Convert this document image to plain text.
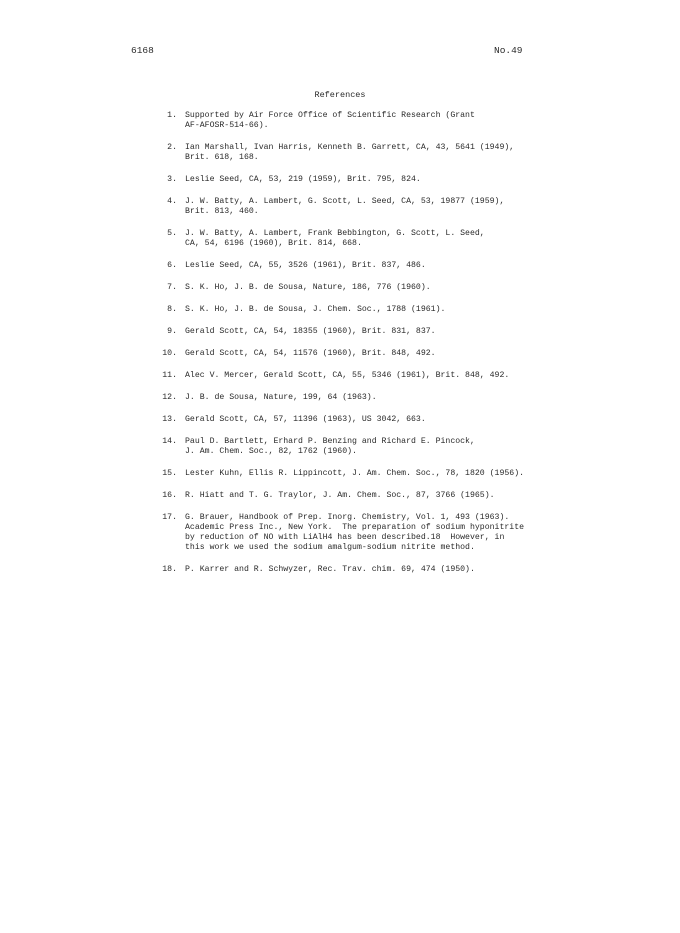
6168	No.49
References
1. Supported by Air Force Office of Scientific Research (Grant
AF-AFOSR-514-66).
2. Ian Marshall, Ivan Harris, Kenneth B. Garrett, CA, 43, 5641 (1949),
Brit. 618, 168.
3. Leslie Seed, CA, 53, 219 (1959), Brit. 795, 824.
4. J. W. Batty, A. Lambert, G. Scott, L. Seed, CA, 53, 19877 (1959),
Brit. 813, 460.
5. J. W. Batty, A. Lambert, Frank Bebbington, G. Scott, L. Seed,
CA, 54, 6196 (1960), Brit. 814, 668.
6. Leslie Seed, CA, 55, 3526 (1961), Brit. 837, 486.
7. S. K. Ho, J. B. de Sousa, Nature, 186, 776 (1960).
8. S. K. Ho, J. B. de Sousa, J. Chem. Soc., 1788 (1961).
9. Gerald Scott, CA, 54, 18355 (1960), Brit. 831, 837.
10. Gerald Scott, CA, 54, 11576 (1960), Brit. 848, 492.
11. Alec V. Mercer, Gerald Scott, CA, 55, 5346 (1961), Brit. 848, 492.
12. J. B. de Sousa, Nature, 199, 64 (1963).
13. Gerald Scott, CA, 57, 11396 (1963), US 3042, 663.
14. Paul D. Bartlett, Erhard P. Benzing and Richard E. Pincock,
J. Am. Chem. Soc., 82, 1762 (1960).
15. Lester Kuhn, Ellis R. Lippincott, J. Am. Chem. Soc., 78, 1820 (1956).
16. R. Hiatt and T. G. Traylor, J. Am. Chem. Soc., 87, 3766 (1965).
17. G. Brauer, Handbook of Prep. Inorg. Chemistry, Vol. 1, 493 (1963).
Academic Press Inc., New York.  The preparation of sodium hyponitrite
by reduction of NO with LiAlH4 has been described.18  However, in
this work we used the sodium amalgum-sodium nitrite method.
18. P. Karrer and R. Schwyzer, Rec. Trav. chim. 69, 474 (1950).
